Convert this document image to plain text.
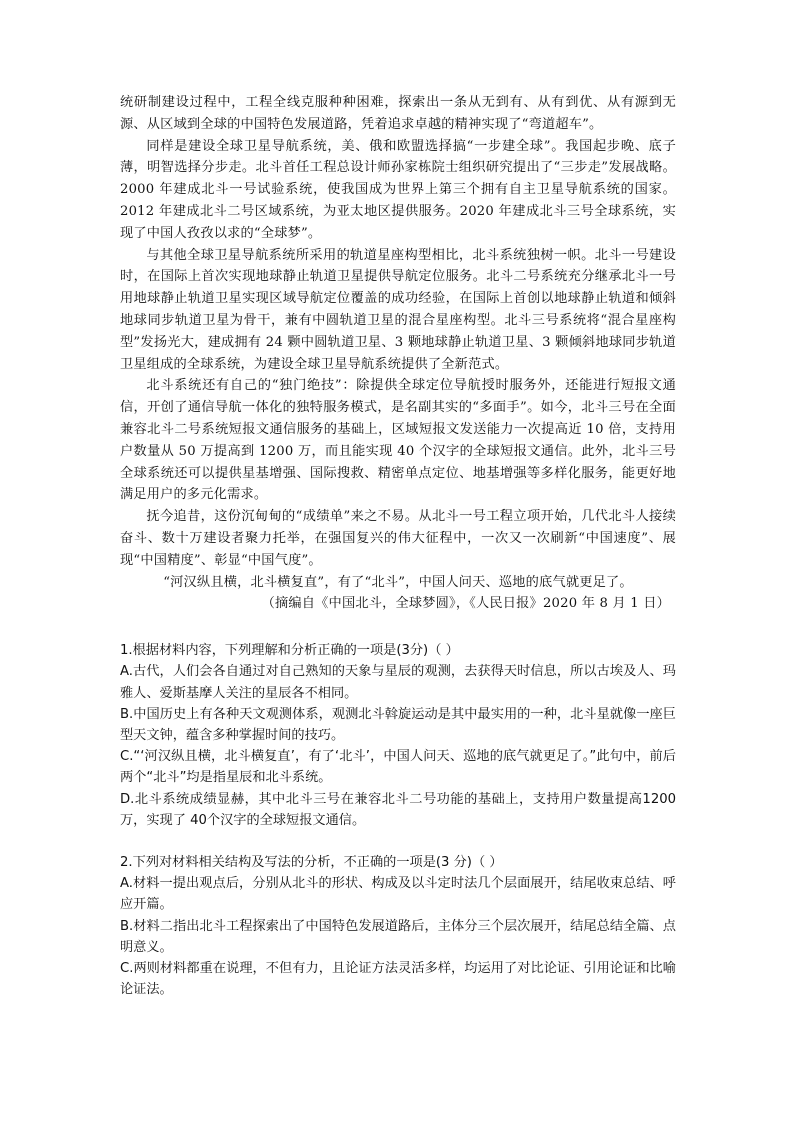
统研制建设过程中，工程全线克服种种困难，探索出一条从无到有、从有到优、从有源到无源、从区域到全球的中国特色发展道路，凭着追求卓越的精神实现了“弯道超车”。

同样是建设全球卫星导航系统，美、俄和欧盟选择搞“一步建全球”。我国起步晚、底子薄，明智选择分步走。北斗首任工程总设计师孙家栋院士组织研究提出了“三步走”发展战略。2000 年建成北斗一号试验系统，使我国成为世界上第三个拥有自主卫星导航系统的国家。2012 年建成北斗二号区域系统，为亚太地区提供服务。2020 年建成北斗三号全球系统，实现了中国人孜孜以求的“全球梦”。

与其他全球卫星导航系统所采用的轨道星座构型相比，北斗系统独树一帜。北斗一号建设时，在国际上首次实现地球静止轨道卫星提供导航定位服务。北斗二号系统充分继承北斗一号用地球静止轨道卫星实现区域导航定位覆盖的成功经验，在国际上首创以地球静止轨道和倾斜地球同步轨道卫星为骨干，兼有中圆轨道卫星的混合星座构型。北斗三号系统将“混合星座构型”发扬光大，建成拥有 24 颗中圆轨道卫星、3 颗地球静止轨道卫星、3 颗倾斜地球同步轨道卫星组成的全球系统，为建设全球卫星导航系统提供了全新范式。

北斗系统还有自己的“独门绝技”：除提供全球定位导航授时服务外，还能进行短报文通信，开创了通信导航一体化的独特服务模式，是名副其实的“多面手”。如今，北斗三号在全面兼容北斗二号系统短报文通信服务的基础上，区域短报文发送能力一次提高近 10 倍，支持用户数量从 50 万提高到 1200 万，而且能实现 40 个汉字的全球短报文通信。此外，北斗三号全球系统还可以提供星基增强、国际搜救、精密单点定位、地基增强等多样化服务，能更好地满足用户的多元化需求。

抚今追昔，这份沉甸甸的“成绩单”来之不易。从北斗一号工程立项开始，几代北斗人接续奋斗、数十万建设者聚力托举，在强国复兴的伟大征程中，一次又一次刷新“中国速度”、展现“中国精度”、彰显“中国气度”。

“河汉纵且横，北斗横复直”，有了“北斗”，中国人问天、巡地的底气就更足了。

（摘编自《中国北斗，全球梦圆》，《人民日报》2020 年 8 月 1 日）

1.根据材料内容，下列理解和分析正确的一项是(3分)（ ）

A.古代，人们会各自通过对自己熟知的天象与星辰的观测，去获得天时信息，所以古埃及人、玛雅人、爱斯基摩人关注的星辰各不相同。

B.中国历史上有各种天文观测体系，观测北斗斡旋运动是其中最实用的一种，北斗星就像一座巨型天文钟，蕴含多种掌握时间的技巧。

C.“‘河汉纵且横，北斗横复直’，有了‘北斗’，中国人问天、巡地的底气就更足了。”此句中，前后两个“北斗”均是指星辰和北斗系统。

D.北斗系统成绩显赫，其中北斗三号在兼容北斗二号功能的基础上，支持用户数量提高1200万，实现了 40个汉字的全球短报文通信。

2.下列对材料相关结构及写法的分析，不正确的一项是(3 分)（ ）

A.材料一提出观点后，分别从北斗的形状、构成及以斗定时法几个层面展开，结尾收束总结、呼应开篇。

B.材料二指出北斗工程探索出了中国特色发展道路后，主体分三个层次展开，结尾总结全篇、点明意义。

C.两则材料都重在说理，不但有力，且论证方法灵活多样，均运用了对比论证、引用论证和比喻论证法。
